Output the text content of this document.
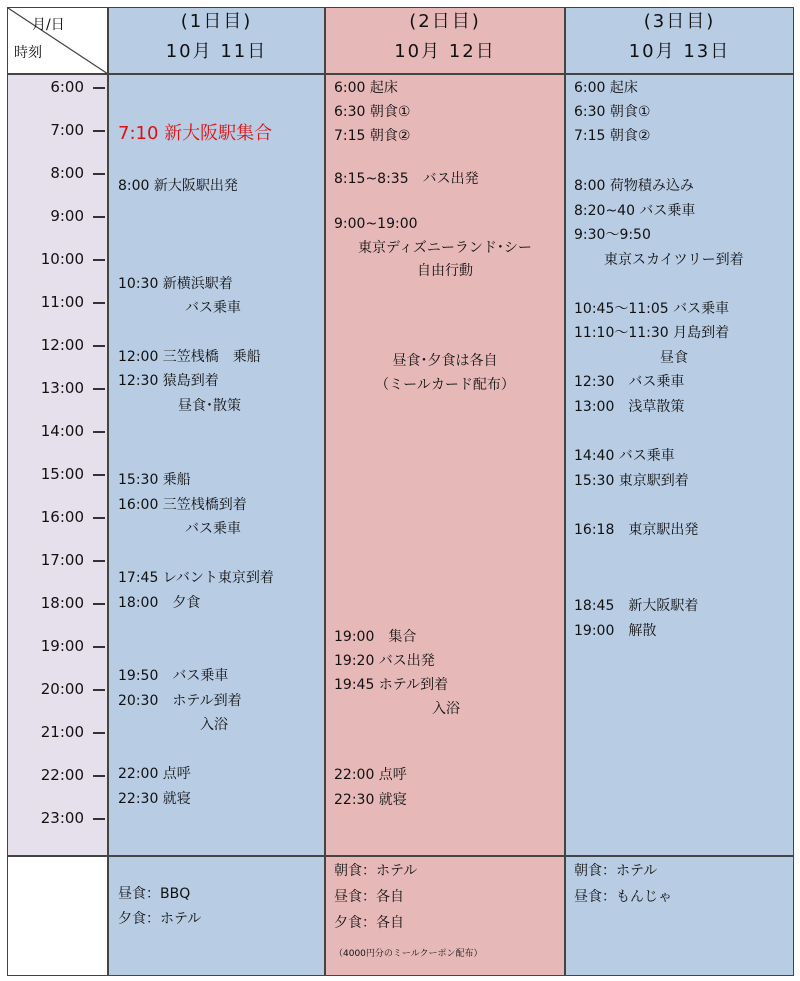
月/日
時刻
(1日目)
10月 11日
(2日目)
10月 12日
(3日目)
10月 13日
6:00
7:00
8:00
9:00
10:00
11:00
12:00
13:00
14:00
15:00
16:00
17:00
18:00
19:00
20:00
21:00
22:00
23:00
7:10 新大阪駅集合
8:00 新大阪駅出発
10:30 新横浜駅着
バス乗車
12:00 三笠桟橋　乗船
12:30 猿島到着
昼食･散策
15:30 乗船
16:00 三笠桟橋到着
バス乗車
17:45 レバント東京到着
18:00　夕食
19:50　バス乗車
20:30　ホテル到着
入浴
22:00 点呼
22:30 就寝
6:00 起床
6:30 朝食①
7:15 朝食②
8:15~8:35　バス出発
9:00~19:00
東京ディズニーランド･シー
自由行動
昼食･夕食は各自
（ミールカード配布）
19:00　集合
19:20 バス出発
19:45 ホテル到着
入浴
22:00 点呼
22:30 就寝
6:00 起床
6:30 朝食①
7:15 朝食②
8:00 荷物積み込み
8:20~40 バス乗車
9:30～9:50
東京スカイツリー到着
10:45～11:05 バス乗車
11:10～11:30 月島到着
昼食
12:30　バス乗車
13:00　浅草散策
14:40 バス乗車
15:30 東京駅到着
16:18　東京駅出発
18:45　新大阪駅着
19:00　解散
昼食：BBQ
夕食：ホテル
朝食：ホテル
昼食：各自
夕食：各自
（4000円分のミールクーポン配布）
朝食：ホテル
昼食：もんじゃ
